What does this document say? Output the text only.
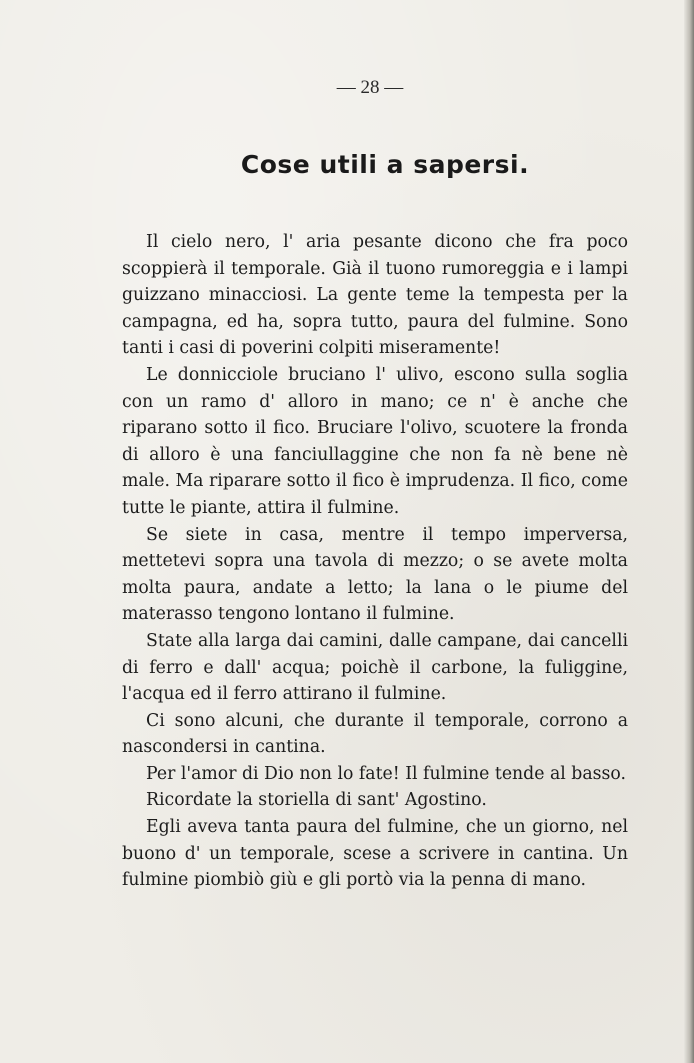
— 28 —
Cose utili a sapersi.

Il cielo nero, l' aria pesante dicono che fra poco scoppierà il temporale. Già il tuono rumoreggia e i lampi guizzano minacciosi. La gente teme la tempesta per la campagna, ed ha, sopra tutto, paura del fulmine. Sono tanti i casi di poverini colpiti miseramente!

Le donnicciole bruciano l' ulivo, escono sulla soglia con un ramo d' alloro in mano; ce n' è anche che riparano sotto il fico. Bruciare l'olivo, scuotere la fronda di alloro è una fanciullaggine che non fa nè bene nè male. Ma riparare sotto il fico è imprudenza. Il fico, come tutte le piante, attira il fulmine.

Se siete in casa, mentre il tempo imperversa, mettetevi sopra una tavola di mezzo; o se avete molta molta paura, andate a letto; la lana o le piume del materasso tengono lontano il fulmine.

State alla larga dai camini, dalle campane, dai cancelli di ferro e dall' acqua; poichè il carbone, la fuliggine, l'acqua ed il ferro attirano il fulmine.

Ci sono alcuni, che durante il temporale, corrono a nascondersi in cantina.

Per l'amor di Dio non lo fate! Il fulmine tende al basso.

Ricordate la storiella di sant' Agostino.

Egli aveva tanta paura del fulmine, che un giorno, nel buono d' un temporale, scese a scrivere in cantina. Un fulmine piombiò giù e gli portò via la penna di mano.
